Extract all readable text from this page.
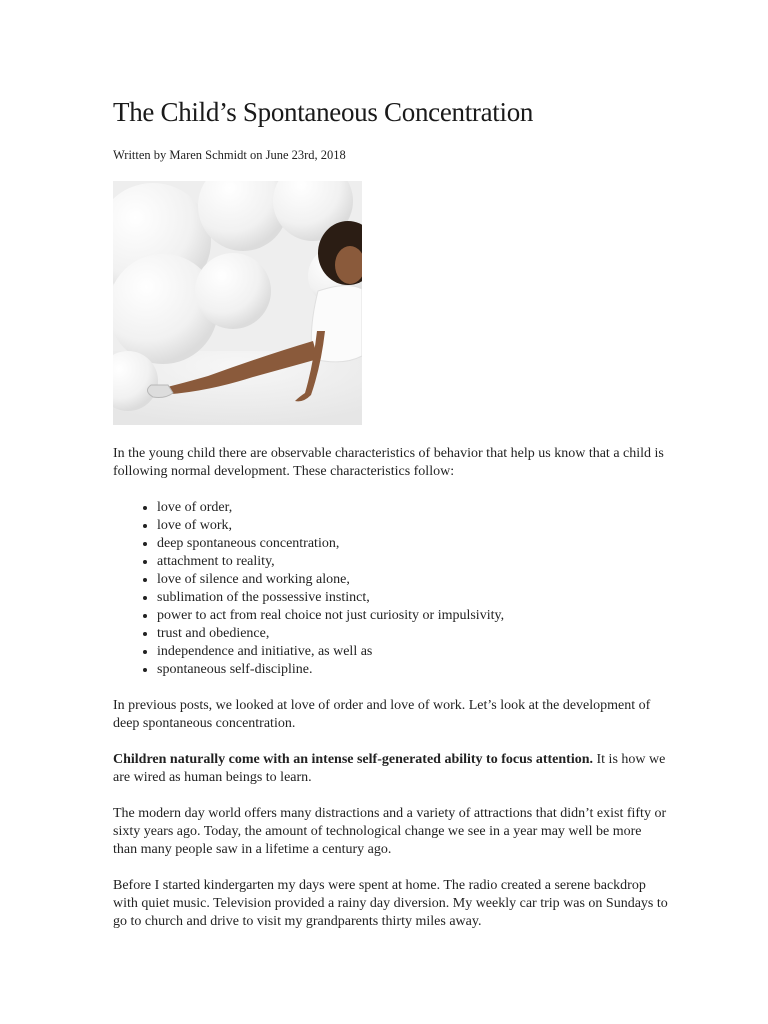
The Child’s Spontaneous Concentration
Written by Maren Schmidt on June 23rd, 2018

In the young child there are observable characteristics of behavior that help us know that a child is following normal development. These characteristics follow:

• love of order,
• love of work,
• deep spontaneous concentration,
• attachment to reality,
• love of silence and working alone,
• sublimation of the possessive instinct,
• power to act from real choice not just curiosity or impulsivity,
• trust and obedience,
• independence and initiative, as well as
• spontaneous self-discipline.

In previous posts, we looked at love of order and love of work. Let’s look at the development of deep spontaneous concentration.

Children naturally come with an intense self-generated ability to focus attention. It is how we are wired as human beings to learn.

The modern day world offers many distractions and a variety of attractions that didn’t exist fifty or sixty years ago. Today, the amount of technological change we see in a year may well be more than many people saw in a lifetime a century ago.

Before I started kindergarten my days were spent at home. The radio created a serene backdrop with quiet music. Television provided a rainy day diversion. My weekly car trip was on Sundays to go to church and drive to visit my grandparents thirty miles away.
